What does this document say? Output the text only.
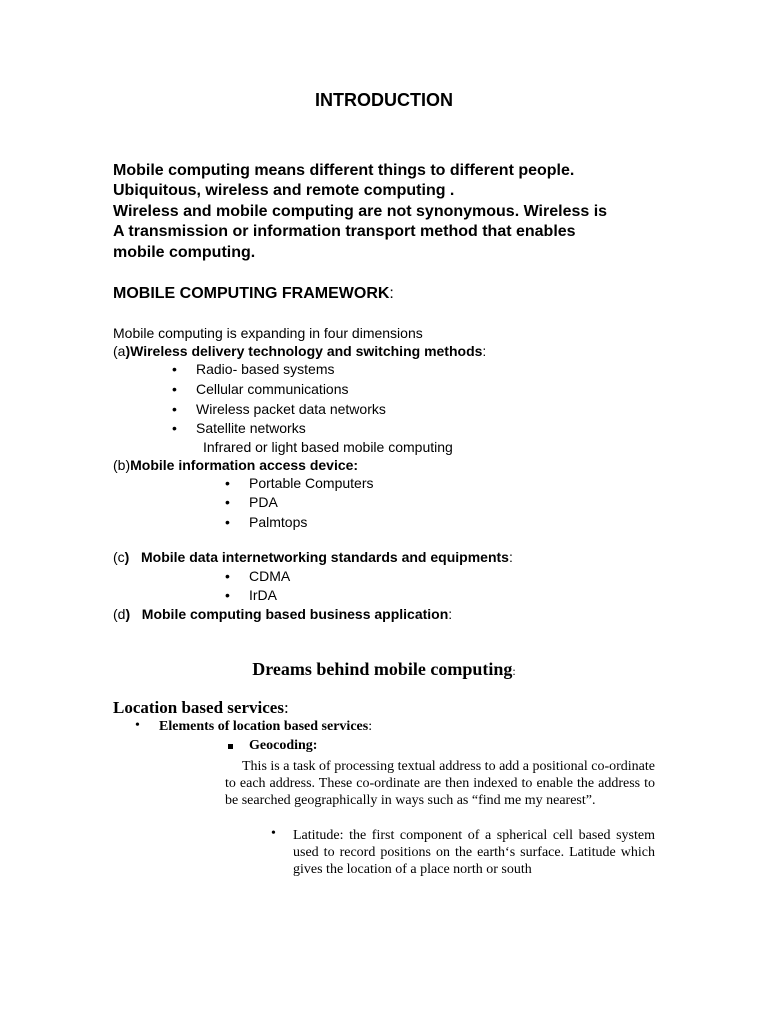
INTRODUCTION
Mobile computing means different things to different people.
Ubiquitous, wireless and remote computing .
Wireless and mobile computing are not synonymous. Wireless is
A transmission or information transport method that enables
mobile computing.
MOBILE COMPUTING FRAMEWORK:
Mobile computing is expanding in four dimensions
(a)Wireless delivery technology and switching methods:
• Radio- based systems
• Cellular communications
• Wireless packet data networks
• Satellite networks
Infrared or light based mobile computing
(b)Mobile information access device:
• Portable Computers
• PDA
• Palmtops
(c)   Mobile data internetworking standards and equipments:
• CDMA
• IrDA
(d)   Mobile computing based business application:
Dreams behind mobile computing:
Location based services:
• Elements of location based services:
Geocoding:
This is a task of processing textual address to add a positional co-ordinate to each address. These co-ordinate are then indexed to enable the address to be searched geographically in ways such as “find me my nearest”.
• Latitude: the first component of a spherical cell based system used to record positions on the earth‘s surface. Latitude which gives the location of a place north or south
